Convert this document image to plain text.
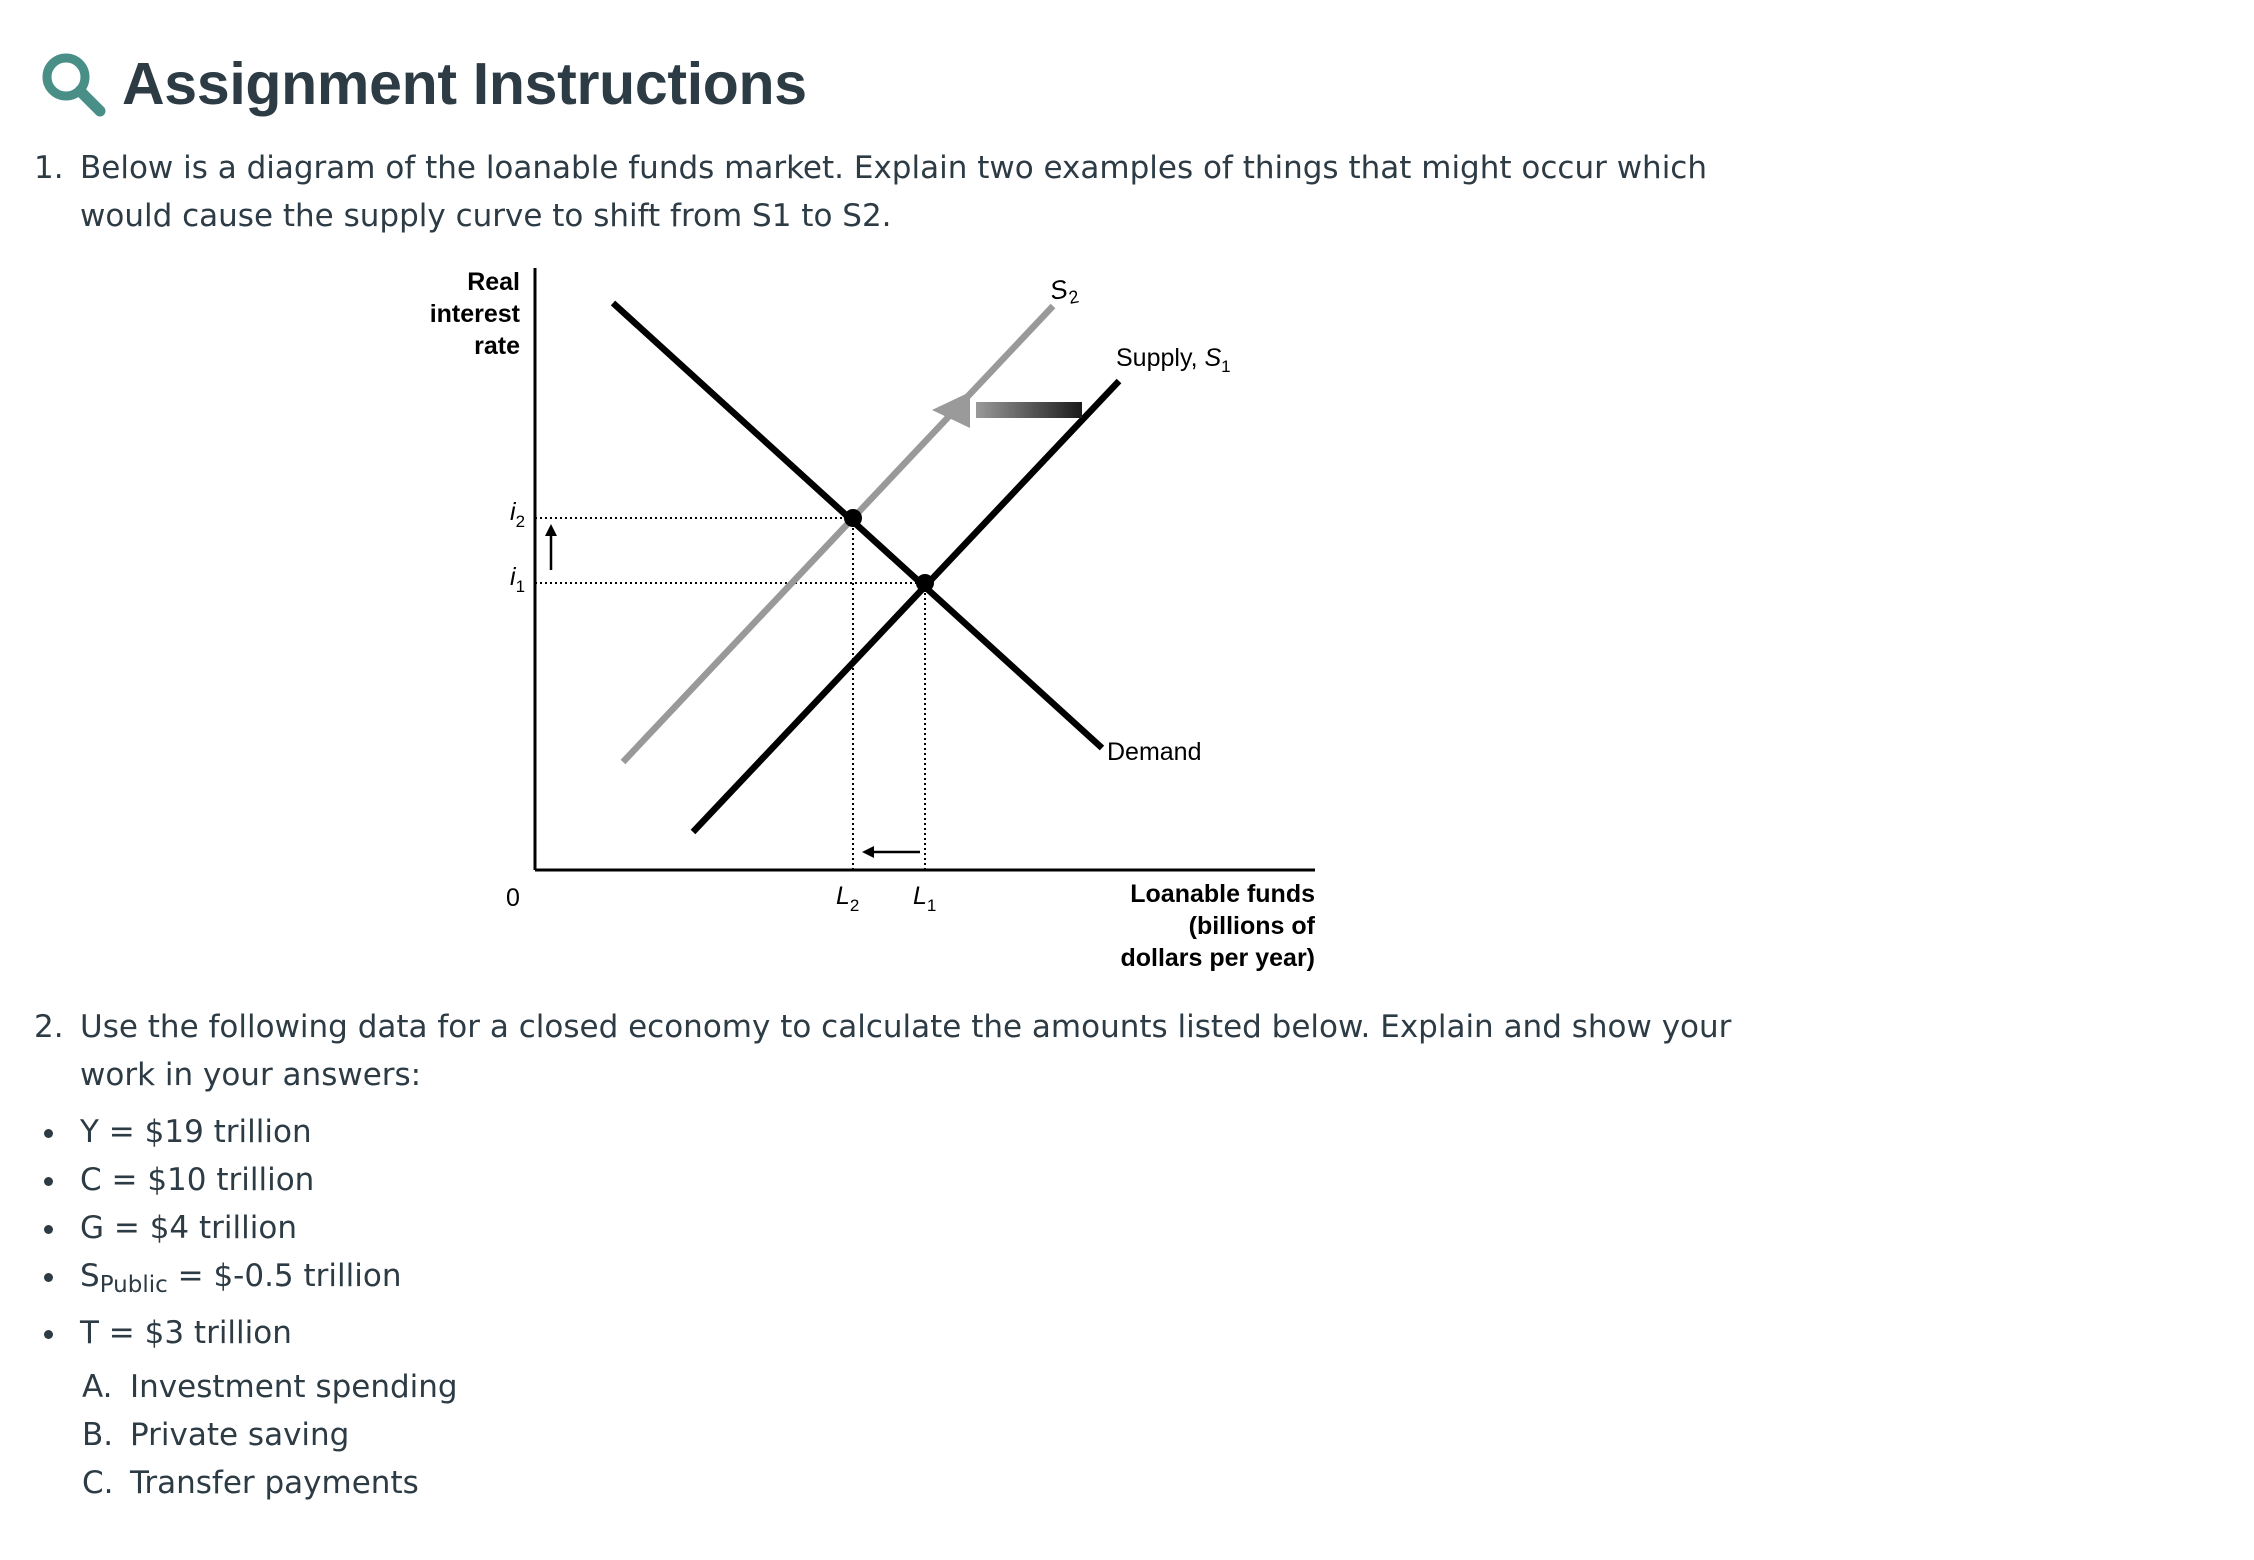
Assignment Instructions
1. Below is a diagram of the loanable funds market. Explain two examples of things that might occur which would cause the supply curve to shift from S1 to S2.
Real
interest
rate
$S_2$
Supply, $S_1$
Demand
$i_2$
$i_1$
0	$L_2$ $L_1$	Loanable funds
(billions of
dollars per year)
2. Use the following data for a closed economy to calculate the amounts listed below. Explain and show your work in your answers:
Y = $19 trillion
C = $10 trillion
G = $4 trillion
$S_{Public}$ = $-0.5 trillion
T = $3 trillion
A. Investment spending
B. Private saving
C. Transfer payments
